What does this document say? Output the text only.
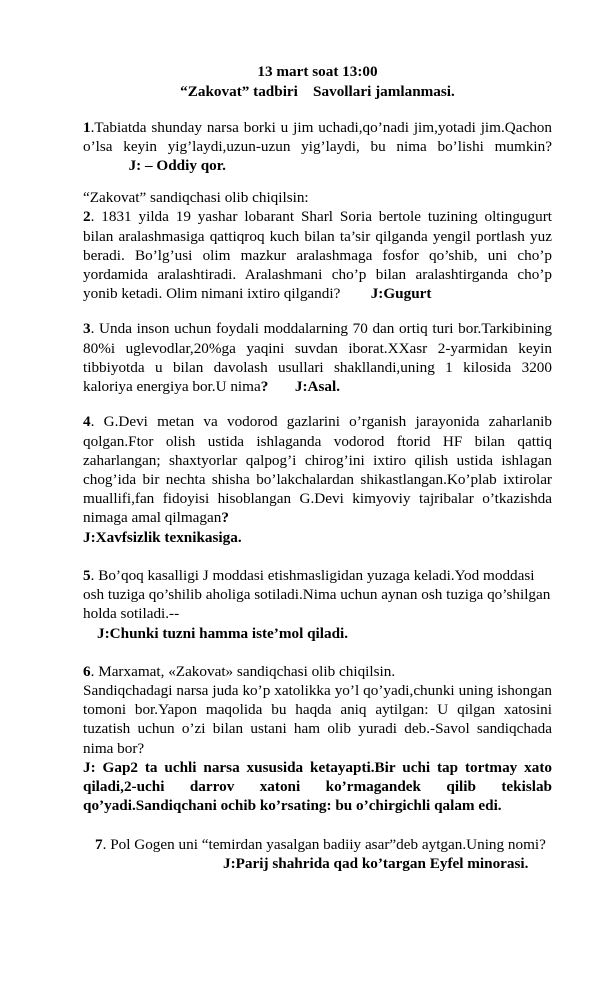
13 mart soat 13:00
“Zakovat” tadbiri    Savollari jamlanmasi.

1.Tabiatda shunday narsa borki u jim uchadi,qo’nadi jim,yotadi jim.Qachon o’lsa keyin yig’laydi,uzun-uzun yig’laydi, bu nima bo’lishi mumkin?            J: – Oddiy qor.

“Zakovat” sandiqchasi olib chiqilsin:

2. 1831 yilda 19 yashar lobarant Sharl Soria bertole tuzining oltingugurt bilan aralashmasiga qattiqroq kuch bilan ta’sir qilganda yengil portlash yuz beradi. Bo’lg’usi olim mazkur aralashmaga fosfor qo’shib, uni cho’p yordamida aralashtiradi. Aralashmani cho’p bilan aralashtirganda cho’p yonib ketadi. Olim nimani ixtiro qilgandi? J:Gugurt

3. Unda inson uchun foydali moddalarning 70 dan ortiq turi bor.Tarkibining 80%i uglevodlar,20%ga yaqini suvdan iborat.XXasr 2-yarmidan keyin tibbiyotda u bilan davolash usullari shakllandi,uning 1 kilosida 3200 kaloriya energiya bor.U nima? J:Asal.

4. G.Devi metan va vodorod gazlarini o’rganish jarayonida zaharlanib qolgan.Ftor olish ustida ishlaganda vodorod ftorid HF bilan qattiq zaharlangan; shaxtyorlar qalpog’i chirog’ini ixtiro qilish ustida ishlagan chog’ida bir nechta shisha bo’lakchalardan shikastlangan.Ko’plab ixtirolar muallifi,fan fidoyisi hisoblangan G.Devi kimyoviy tajribalar o’tkazishda nimaga amal qilmagan?

J:Xavfsizlik texnikasiga.

5. Bo’qoq kasalligi J moddasi etishmasligidan yuzaga keladi.Yod moddasi osh tuziga qo’shilib aholiga sotiladi.Nima uchun aynan osh tuziga qo’shilgan holda sotiladi.--

J:Chunki tuzni hamma iste’mol qiladi.

6. Marxamat, «Zakovat» sandiqchasi olib chiqilsin.

Sandiqchadagi narsa juda ko’p xatolikka yo’l qo’yadi,chunki uning ishongan tomoni bor.Yapon maqolida bu haqda aniq aytilgan: U qilgan xatosini tuzatish uchun o’zi bilan ustani ham olib yuradi deb.-Savol sandiqchada nima bor?

J: Gap2 ta uchli narsa xususida ketayapti.Bir uchi tap tortmay xato qiladi,2-uchi darrov xatoni ko’rmagandek qilib tekislab qo’yadi.Sandiqchani ochib ko’rsating: bu o’chirgichli qalam edi.

7. Pol Gogen uni “temirdan yasalgan badiiy asar”deb aytgan.Uning nomi?

J:Parij shahrida qad ko’targan Eyfel minorasi.
